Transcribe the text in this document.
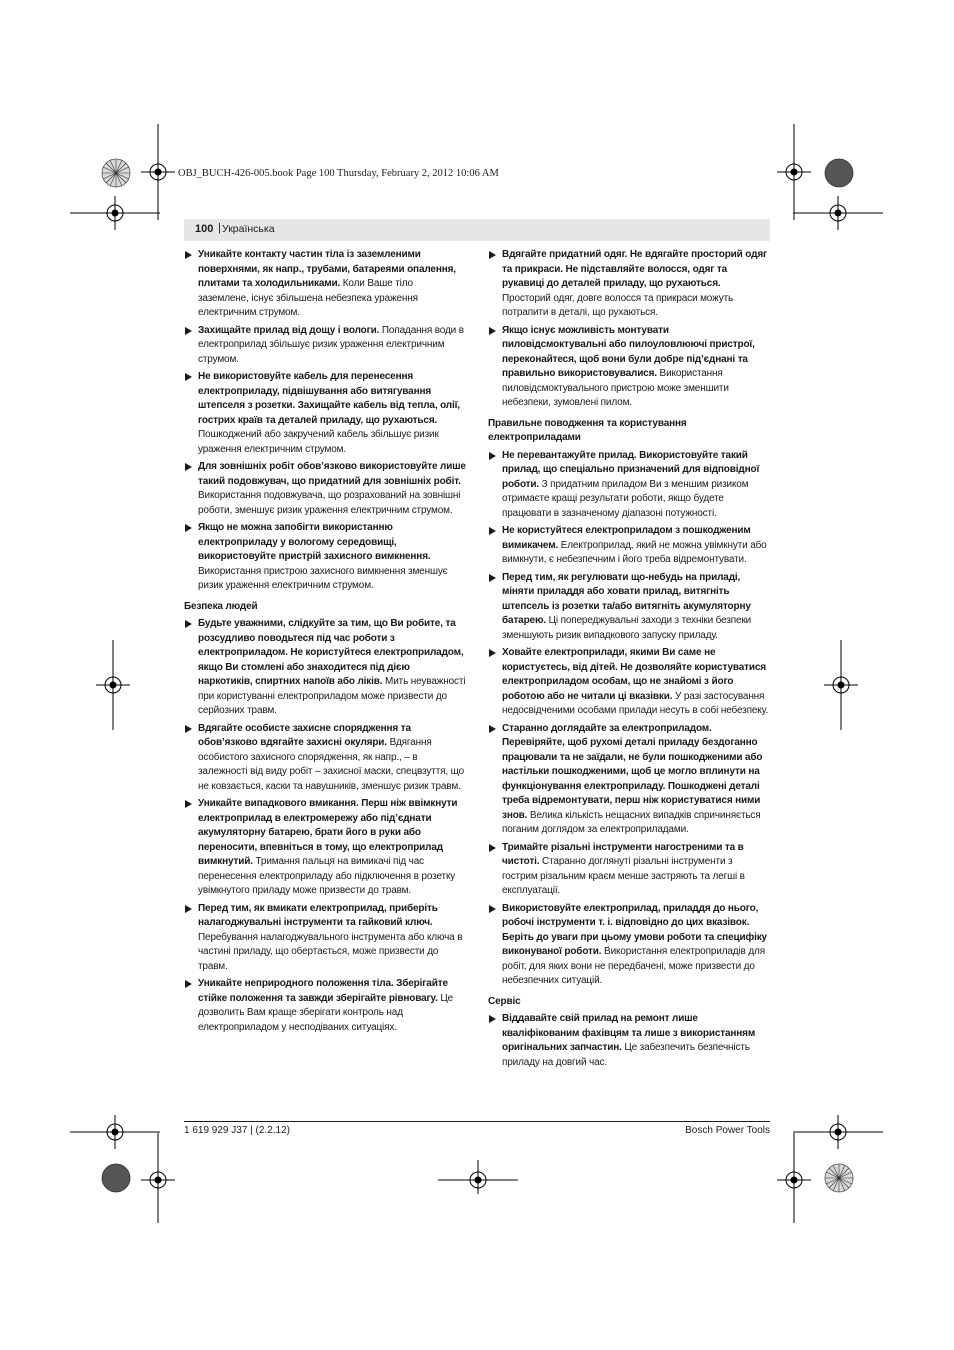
OBJ_BUCH-426-005.book Page 100 Thursday, February 2, 2012 10:06 AM
100 | Українська
Уникайте контакту частин тіла із заземленими поверхнями, як напр., трубами, батареями опалення, плитами та холодильниками. Коли Ваше тіло заземлене, існує збільшена небезпека ураження електричним струмом.
Захищайте прилад від дощу і вологи. Попадання води в електроприлад збільшує ризик ураження електричним струмом.
Не використовуйте кабель для перенесення електроприладу, підвішування або витягування штепселя з розетки. Захищайте кабель від тепла, олії, гострих країв та деталей приладу, що рухаються. Пошкоджений або закручений кабель збільшує ризик ураження електричним струмом.
Для зовнішніх робіт обов’язково використовуйте лише такий подовжувач, що придатний для зовнішніх робіт. Використання подовжувача, що розрахований на зовнішні роботи, зменшує ризик ураження електричним струмом.
Якщо не можна запобігти використанню електроприладу у вологому середовищі, використовуйте пристрій захисного вимкнення. Використання пристрою захисного вимкнення зменшує ризик ураження електричним струмом.
Безпека людей
Будьте уважними, слідкуйте за тим, що Ви робите, та розсудливо поводьтеся під час роботи з електроприладом. Не користуйтеся електроприладом, якщо Ви стомлені або знаходитеся під дією наркотиків, спиртних напоїв або ліків. Мить неуважності при користуванні електроприладом може призвести до серйозних травм.
Вдягайте особисте захисне спорядження та обов’язково вдягайте захисні окуляри. Вдягання особистого захисного спорядження, як напр., – в залежності від виду робіт – захисної маски, спецвзуття, що не ковзається, каски та навушників, зменшує ризик травм.
Уникайте випадкового вмикання. Перш ніж ввімкнути електроприлад в електромережу або під’єднати акумуляторну батарею, брати його в руки або переносити, впевніться в тому, що електроприлад вимкнутий. Тримання пальця на вимикачі під час перенесення електроприладу або підключення в розетку увімкнутого приладу може призвести до травм.
Перед тим, як вмикати електроприлад, приберіть налагоджувальні інструменти та гайковий ключ. Перебування налагоджувального інструмента або ключа в частині приладу, що обертається, може призвести до травм.
Уникайте неприродного положення тіла. Зберігайте стійке положення та завжди зберігайте рівновагу. Це дозволить Вам краще зберігати контроль над електроприладом у несподіваних ситуаціях.
Вдягайте придатний одяг. Не вдягайте просторий одяг та прикраси. Не підставляйте волосся, одяг та рукавиці до деталей приладу, що рухаються. Просторий одяг, довге волосся та прикраси можуть потрапити в деталі, що рухаються.
Якщо існує можливість монтувати пиловідсмоктувальні або пилоуловлюючі пристрої, переконайтеся, щоб вони були добре під’єднані та правильно використовувалися. Використання пиловідсмоктувального пристрою може зменшити небезпеки, зумовлені пилом.
Правильне поводження та користування електроприладами
Не перевантажуйте прилад. Використовуйте такий прилад, що спеціально призначений для відповідної роботи. З придатним приладом Ви з меншим ризиком отримаєте кращі результати роботи, якщо будете працювати в зазначеному діапазоні потужності.
Не користуйтеся електроприладом з пошкодженим вимикачем. Електроприлад, який не можна увімкнути або вимкнути, є небезпечним і його треба відремонтувати.
Перед тим, як регулювати що-небудь на приладі, міняти приладдя або ховати прилад, витягніть штепсель із розетки та/або витягніть акумуляторну батарею. Ці попереджувальні заходи з техніки безпеки зменшують ризик випадкового запуску приладу.
Ховайте електроприлади, якими Ви саме не користуєтесь, від дітей. Не дозволяйте користуватися електроприладом особам, що не знайомі з його роботою або не читали ці вказівки. У разі застосування недосвідченими особами прилади несуть в собі небезпеку.
Старанно доглядайте за електроприладом. Перевіряйте, щоб рухомі деталі приладу бездоганно працювали та не заїдали, не були пошкодженими або настільки пошкодженими, щоб це могло вплинути на функціонування електроприладу. Пошкоджені деталі треба відремонтувати, перш ніж користуватися ними знов. Велика кількість нещасних випадків спричиняється поганим доглядом за електроприладами.
Тримайте різальні інструменти нагостреними та в чистоті. Старанно доглянуті різальні інструменти з гострим різальним краєм менше застряють та легші в експлуатації.
Використовуйте електроприлад, приладдя до нього, робочі інструменти т. і. відповідно до цих вказівок. Беріть до уваги при цьому умови роботи та специфіку виконуваної роботи. Використання електроприладів для робіт, для яких вони не передбачені, може призвести до небезпечних ситуацій.
Сервіс
Віддавайте свій прилад на ремонт лише кваліфікованим фахівцям та лише з використанням оригінальних запчастин. Це забезпечить безпечність приладу на довгий час.
1 619 929 J37 | (2.2.12)	Bosch Power Tools
